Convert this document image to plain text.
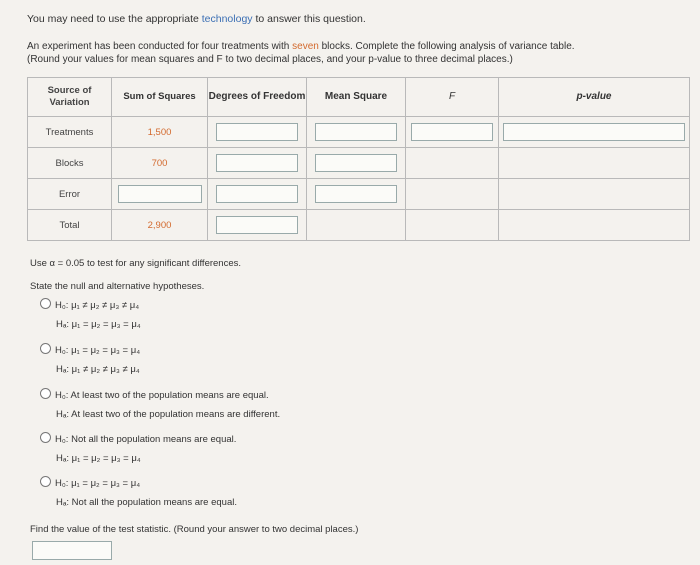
You may need to use the appropriate technology to answer this question.
An experiment has been conducted for four treatments with seven blocks. Complete the following analysis of variance table.
(Round your values for mean squares and F to two decimal places, and your p-value to three decimal places.)
Source of Variation	Sum of Squares	Degrees of Freedom	Mean Square	F	p-value
Treatments	1,500				
Blocks	700				
Error					
Total	2,900				
Use α = 0.05 to test for any significant differences.
State the null and alternative hypotheses.
H₀: μ₁ ≠ μ₂ ≠ μ₃ ≠ μ₄
Hₐ: μ₁ = μ₂ = μ₃ = μ₄
H₀: μ₁ = μ₂ = μ₃ = μ₄
Hₐ: μ₁ ≠ μ₂ ≠ μ₃ ≠ μ₄
H₀: At least two of the population means are equal.
Hₐ: At least two of the population means are different.
H₀: Not all the population means are equal.
Hₐ: μ₁ = μ₂ = μ₃ = μ₄
H₀: μ₁ = μ₂ = μ₃ = μ₄
Hₐ: Not all the population means are equal.
Find the value of the test statistic. (Round your answer to two decimal places.)
